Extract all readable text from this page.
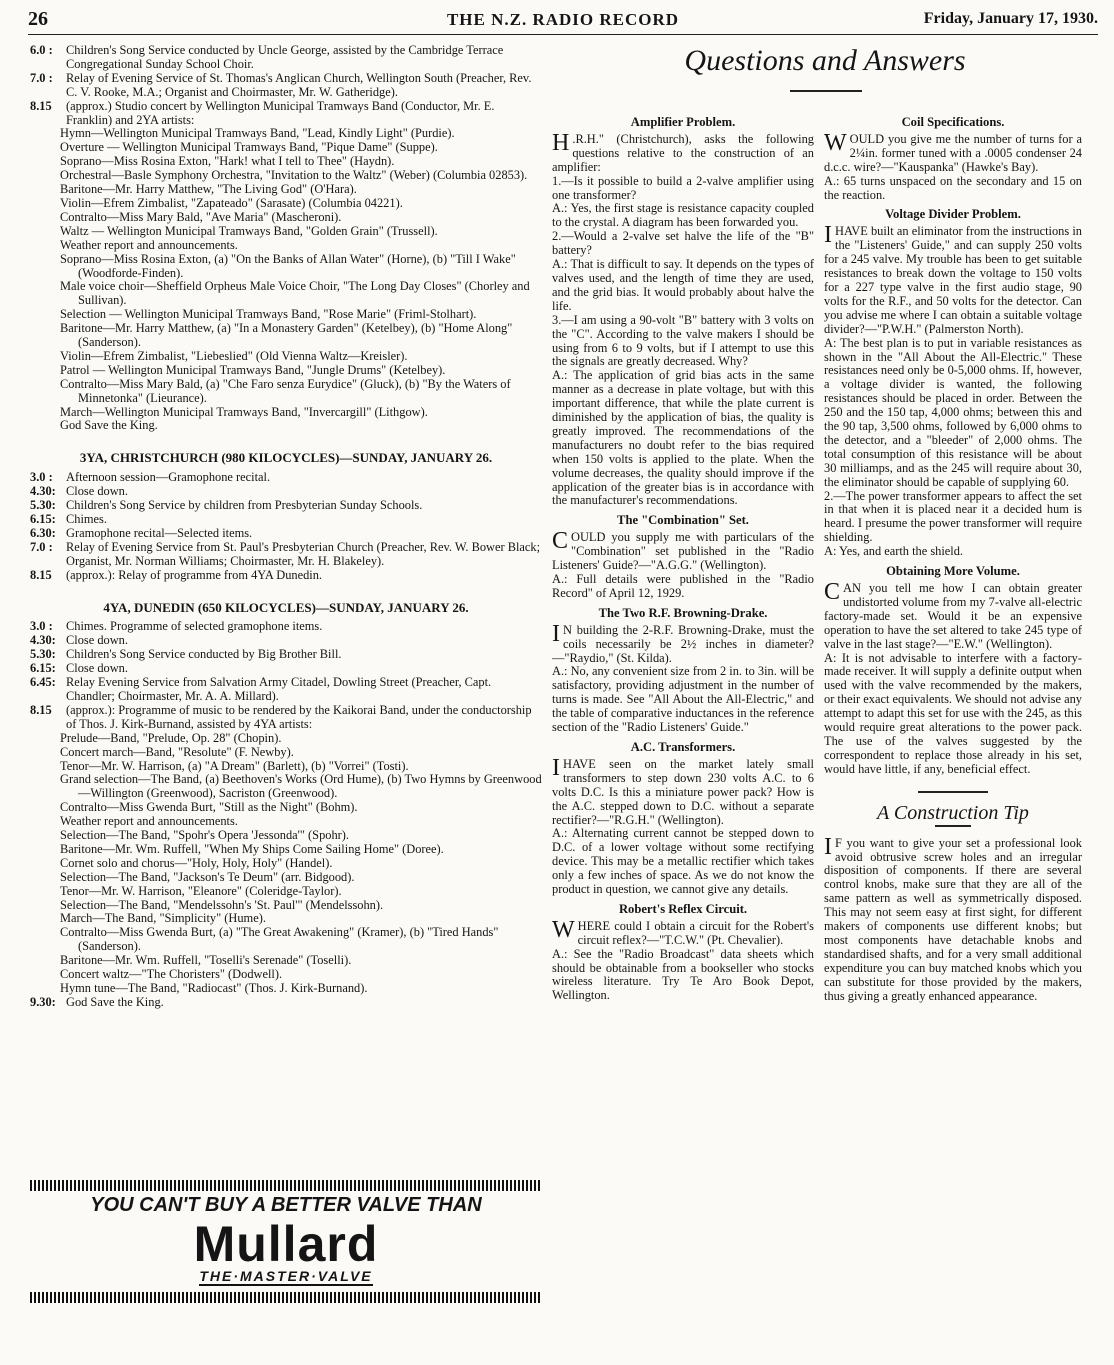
26	THE N.Z. RADIO RECORD	Friday, January 17, 1930.
6.0 :	Children's Song Service conducted by Uncle George, assisted by the Cambridge Terrace Congregational Sunday School Choir.
7.0 :	Relay of Evening Service of St. Thomas's Anglican Church, Wellington South (Preacher, Rev. C. V. Rooke, M.A.; Organist and Choirmaster, Mr. W. Gatheridge).
8.15	(approx.) Studio concert by Wellington Municipal Tramways Band (Conductor, Mr. E. Franklin) and 2YA artists:
Hymn—Wellington Municipal Tramways Band, "Lead, Kindly Light" (Purdie).
Overture — Wellington Municipal Tramways Band, "Pique Dame" (Suppe).
Soprano—Miss Rosina Exton, "Hark! what I tell to Thee" (Haydn).
Orchestral—Basle Symphony Orchestra, "Invitation to the Waltz" (Weber) (Columbia 02853).
Baritone—Mr. Harry Matthew, "The Living God" (O'Hara).
Violin—Efrem Zimbalist, "Zapateado" (Sarasate) (Columbia 04221).
Contralto—Miss Mary Bald, "Ave Maria" (Mascheroni).
Waltz — Wellington Municipal Tramways Band, "Golden Grain" (Trussell).
Weather report and announcements.
Soprano—Miss Rosina Exton, (a) "On the Banks of Allan Water" (Horne), (b) "Till I Wake" (Woodforde-Finden).
Male voice choir—Sheffield Orpheus Male Voice Choir, "The Long Day Closes" (Chorley and Sullivan).
Selection — Wellington Municipal Tramways Band, "Rose Marie" (Friml-Stolhart).
Baritone—Mr. Harry Matthew, (a) "In a Monastery Garden" (Ketelbey), (b) "Home Along" (Sanderson).
Violin—Efrem Zimbalist, "Liebeslied" (Old Vienna Waltz—Kreisler).
Patrol — Wellington Municipal Tramways Band, "Jungle Drums" (Ketelbey).
Contralto—Miss Mary Bald, (a) "Che Faro senza Eurydice" (Gluck), (b) "By the Waters of Minnetonka" (Lieurance).
March—Wellington Municipal Tramways Band, "Invercargill" (Lithgow).
God Save the King.
3YA, CHRISTCHURCH (980 KILOCYCLES)—SUNDAY, JANUARY 26.
3.0 :	Afternoon session—Gramophone recital.
4.30: Close down.
5.30: Children's Song Service by children from Presbyterian Sunday Schools.
6.15: Chimes.
6.30: Gramophone recital—Selected items.
7.0 :	Relay of Evening Service from St. Paul's Presbyterian Church (Preacher, Rev. W. Bower Black; Organist, Mr. Norman Williams; Choirmaster, Mr. H. Blakeley).
8.15	(approx.): Relay of programme from 4YA Dunedin.
4YA, DUNEDIN (650 KILOCYCLES)—SUNDAY, JANUARY 26.
3.0 :	Chimes. Programme of selected gramophone items.
4.30: Close down.
5.30: Children's Song Service conducted by Big Brother Bill.
6.15: Close down.
6.45: Relay Evening Service from Salvation Army Citadel, Dowling Street (Preacher, Capt. Chandler; Choirmaster, Mr. A. A. Millard).
8.15	(approx.): Programme of music to be rendered by the Kaikorai Band, under the conductorship of Thos. J. Kirk-Burnand, assisted by 4YA artists:
Prelude—Band, "Prelude, Op. 28" (Chopin).
Concert march—Band, "Resolute" (F. Newby).
Tenor—Mr. W. Harrison, (a) "A Dream" (Barlett), (b) "Vorrei" (Tosti).
Grand selection—The Band, (a) Beethoven's Works (Ord Hume), (b) Two Hymns by Greenwood—Willington (Greenwood), Sacriston (Greenwood).
Contralto—Miss Gwenda Burt, "Still as the Night" (Bohm).
Weather report and announcements.
Selection—The Band, "Spohr's Opera 'Jessonda'" (Spohr).
Baritone—Mr. Wm. Ruffell, "When My Ships Come Sailing Home" (Doree).
Cornet solo and chorus—"Holy, Holy, Holy" (Handel).
Selection—The Band, "Jackson's Te Deum" (arr. Bidgood).
Tenor—Mr. W. Harrison, "Eleanore" (Coleridge-Taylor).
Selection—The Band, "Mendelssohn's 'St. Paul'" (Mendelssohn).
March—The Band, "Simplicity" (Hume).
Contralto—Miss Gwenda Burt, (a) "The Great Awakening" (Kramer), (b) "Tired Hands" (Sanderson).
Baritone—Mr. Wm. Ruffell, "Toselli's Serenade" (Toselli).
Concert waltz—"The Choristers" (Dodwell).
Hymn tune—The Band, "Radiocast" (Thos. J. Kirk-Burnand).
9.30: God Save the King.
YOU CAN'T BUY A BETTER VALVE THAN
Mullard
THE·MASTER·VALVE
Questions and Answers
Amplifier Problem.

H .R.H." (Christchurch), asks the following questions relative to the construction of an amplifier:

1.—Is it possible to build a 2-valve amplifier using one transformer?

A.: Yes, the first stage is resistance capacity coupled to the crystal. A diagram has been forwarded you.

2.—Would a 2-valve set halve the life of the "B" battery?

A.: That is difficult to say. It depends on the types of valves used, and the length of time they are used, and the grid bias. It would probably about halve the life.

3.—I am using a 90-volt "B" battery with 3 volts on the "C". According to the valve makers I should be using from 6 to 9 volts, but if I attempt to use this the signals are greatly decreased. Why?

A.: The application of grid bias acts in the same manner as a decrease in plate voltage, but with this important difference, that while the plate current is diminished by the application of bias, the quality is greatly improved. The recommendations of the manufacturers no doubt refer to the bias required when 150 volts is applied to the plate. When the volume decreases, the quality should improve if the application of the greater bias is in accordance with the manufacturer's recommendations.

The "Combination" Set.

COULD you supply me with particulars of the "Combination" set published in the "Radio Listeners' Guide?—"A.G.G." (Wellington).

A.: Full details were published in the "Radio Record" of April 12, 1929.

The Two R.F. Browning-Drake.

I N building the 2-R.F. Browning-Drake, must the coils necessarily be 2½ inches in diameter?—"Raydio," (St. Kilda).

A.: No, any convenient size from 2 in. to 3in. will be satisfactory, providing adjustment in the number of turns is made. See "All About the All-Electric," and the table of comparative inductances in the reference section of the "Radio Listeners' Guide."

A.C. Transformers.

IHAVE seen on the market lately small transformers to step down 230 volts A.C. to 6 volts D.C. Is this a miniature power pack? How is the A.C. stepped down to D.C. without a separate rectifier?—"R.G.H." (Wellington).

A.: Alternating current cannot be stepped down to D.C. of a lower voltage without some rectifying device. This may be a metallic rectifier which takes only a few inches of space. As we do not know the product in question, we cannot give any details.

Robert's Reflex Circuit.

WHERE could I obtain a circuit for the Robert's circuit reflex?—"T.C.W." (Pt. Chevalier).

A.: See the "Radio Broadcast" data sheets which should be obtainable from a bookseller who stocks wireless literature. Try Te Aro Book Depot, Wellington.

Coil Specifications.

WOULD you give me the number of turns for a 2¼in. former tuned with a .0005 condenser 24 d.c.c. wire?—"Kauspanka" (Hawke's Bay).

A.: 65 turns unspaced on the secondary and 15 on the reaction.

Voltage Divider Problem.

IHAVE built an eliminator from the instructions in the "Listeners' Guide," and can supply 250 volts for a 245 valve. My trouble has been to get suitable resistances to break down the voltage to 150 volts for a 227 type valve in the first audio stage, 90 volts for the R.F., and 50 volts for the detector. Can you advise me where I can obtain a suitable voltage divider?—"P.W.H." (Palmerston North).

A: The best plan is to put in variable resistances as shown in the "All About the All-Electric." These resistances need only be 0-5,000 ohms. If, however, a voltage divider is wanted, the following resistances should be placed in order. Between the 250 and the 150 tap, 4,000 ohms; between this and the 90 tap, 3,500 ohms, followed by 6,000 ohms to the detector, and a "bleeder" of 2,000 ohms. The total consumption of this resistance will be about 30 milliamps, and as the 245 will require about 30, the eliminator should be capable of supplying 60.

2.—The power transformer appears to affect the set in that when it is placed near it a decided hum is heard. I presume the power transformer will require shielding.

A: Yes, and earth the shield.

Obtaining More Volume.

CAN you tell me how I can obtain greater undistorted volume from my 7-valve all-electric factory-made set. Would it be an expensive operation to have the set altered to take 245 type of valve in the last stage?—"E.W." (Wellington).

A: It is not advisable to interfere with a factory-made receiver. It will supply a definite output when used with the valve recommended by the makers, or their exact equivalents. We should not advise any attempt to adapt this set for use with the 245, as this would require great alterations to the power pack. The use of the valves suggested by the correspondent to replace those already in his set, would have little, if any, beneficial effect.

A Construction Tip

I F you want to give your set a professional look avoid obtrusive screw holes and an irregular disposition of components. If there are several control knobs, make sure that they are all of the same pattern as well as symmetrically disposed. This may not seem easy at first sight, for different makers of components use different knobs; but most components have detachable knobs and standardised shafts, and for a very small additional expenditure you can buy matched knobs which you can substitute for those provided by the makers, thus giving a greatly enhanced appearance.
